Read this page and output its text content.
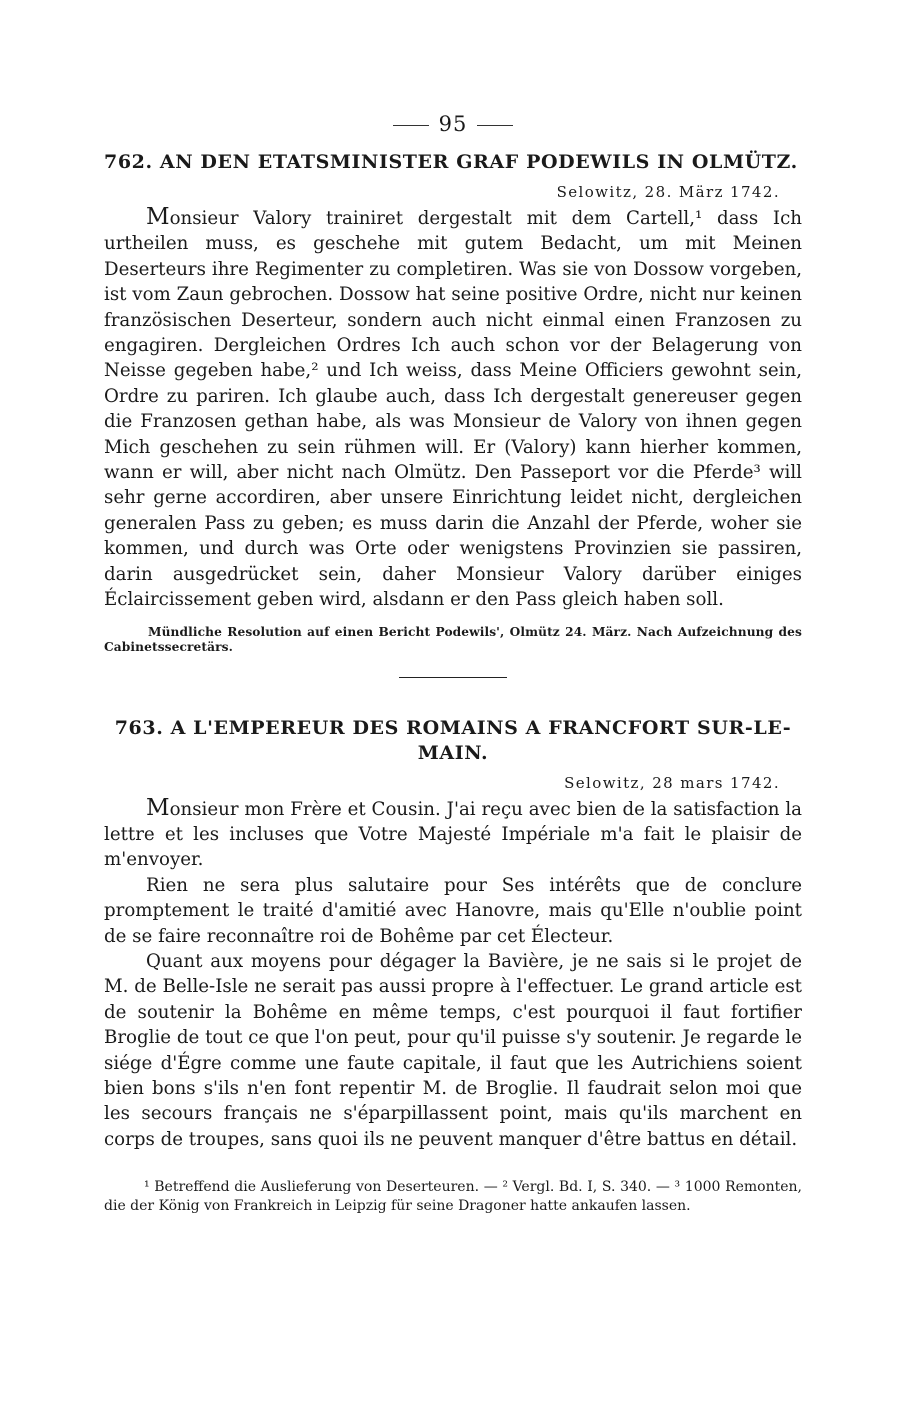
95
762. AN DEN ETATSMINISTER GRAF PODEWILS IN OLMÜTZ.
Selowitz, 28. März 1742.

Monsieur Valory trainiret dergestalt mit dem Cartell,¹ dass Ich urtheilen muss, es geschehe mit gutem Bedacht, um mit Meinen Deserteurs ihre Regimenter zu completiren. Was sie von Dossow vorgeben, ist vom Zaun gebrochen. Dossow hat seine positive Ordre, nicht nur keinen französischen Deserteur, sondern auch nicht einmal einen Franzosen zu engagiren. Dergleichen Ordres Ich auch schon vor der Belagerung von Neisse gegeben habe,² und Ich weiss, dass Meine Officiers gewohnt sein, Ordre zu pariren. Ich glaube auch, dass Ich dergestalt genereuser gegen die Franzosen gethan habe, als was Monsieur de Valory von ihnen gegen Mich geschehen zu sein rühmen will. Er (Valory) kann hierher kommen, wann er will, aber nicht nach Olmütz. Den Passeport vor die Pferde³ will sehr gerne accordiren, aber unsere Einrichtung leidet nicht, dergleichen generalen Pass zu geben; es muss darin die Anzahl der Pferde, woher sie kommen, und durch was Orte oder wenigstens Provinzien sie passiren, darin ausgedrücket sein, daher Monsieur Valory darüber einiges Éclaircissement geben wird, alsdann er den Pass gleich haben soll.

Mündliche Resolution auf einen Bericht Podewils', Olmütz 24. März. Nach Aufzeichnung des Cabinetssecretärs.

763. A L'EMPEREUR DES ROMAINS A FRANCFORT SUR-LE-MAIN.
Selowitz, 28 mars 1742.

Monsieur mon Frère et Cousin. J'ai reçu avec bien de la satisfaction la lettre et les incluses que Votre Majesté Impériale m'a fait le plaisir de m'envoyer.

Rien ne sera plus salutaire pour Ses intérêts que de conclure promptement le traité d'amitié avec Hanovre, mais qu'Elle n'oublie point de se faire reconnaître roi de Bohême par cet Électeur.

Quant aux moyens pour dégager la Bavière, je ne sais si le projet de M. de Belle-Isle ne serait pas aussi propre à l'effectuer. Le grand article est de soutenir la Bohême en même temps, c'est pourquoi il faut fortifier Broglie de tout ce que l'on peut, pour qu'il puisse s'y soutenir. Je regarde le siége d'Égre comme une faute capitale, il faut que les Autrichiens soient bien bons s'ils n'en font repentir M. de Broglie. Il faudrait selon moi que les secours français ne s'éparpillassent point, mais qu'ils marchent en corps de troupes, sans quoi ils ne peuvent manquer d'être battus en détail.

¹ Betreffend die Auslieferung von Deserteuren. — ² Vergl. Bd. I, S. 340. — ³ 1000 Remonten, die der König von Frankreich in Leipzig für seine Dragoner hatte ankaufen lassen.
